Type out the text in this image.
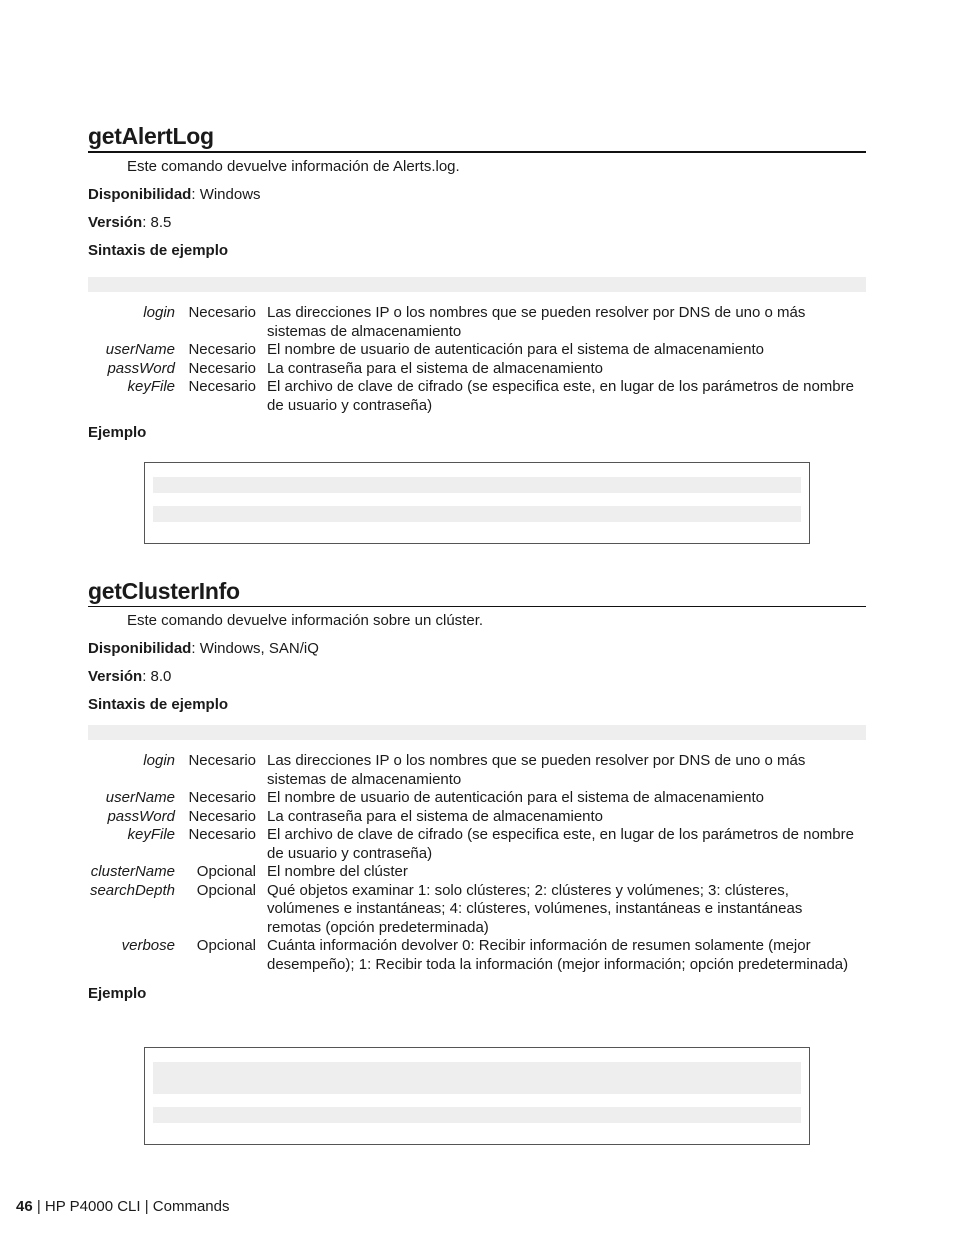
getAlertLog
Este comando devuelve información de Alerts.log.
Disponibilidad: Windows
Versión: 8.5
Sintaxis de ejemplo
login	Necesario	Las direcciones IP o los nombres que se pueden resolver por DNS de uno o más sistemas de almacenamiento
userName	Necesario	El nombre de usuario de autenticación para el sistema de almacenamiento
passWord	Necesario	La contraseña para el sistema de almacenamiento
keyFile	Necesario	El archivo de clave de cifrado (se especifica este, en lugar de los parámetros de nombre de usuario y contraseña)
Ejemplo
getClusterInfo
Este comando devuelve información sobre un clúster.
Disponibilidad: Windows, SAN/iQ
Versión: 8.0
Sintaxis de ejemplo
login	Necesario	Las direcciones IP o los nombres que se pueden resolver por DNS de uno o más sistemas de almacenamiento
userName	Necesario	El nombre de usuario de autenticación para el sistema de almacenamiento
passWord	Necesario	La contraseña para el sistema de almacenamiento
keyFile	Necesario	El archivo de clave de cifrado (se especifica este, en lugar de los parámetros de nombre de usuario y contraseña)
clusterName	Opcional	El nombre del clúster
searchDepth	Opcional	Qué objetos examinar 1: solo clústeres; 2: clústeres y volúmenes; 3: clústeres, volúmenes e instantáneas; 4: clústeres, volúmenes, instantáneas e instantáneas remotas (opción predeterminada)
verbose	Opcional	Cuánta información devolver 0: Recibir información de resumen solamente (mejor desempeño); 1: Recibir toda la información (mejor información; opción predeterminada)
Ejemplo
46 | HP P4000 CLI | Commands
